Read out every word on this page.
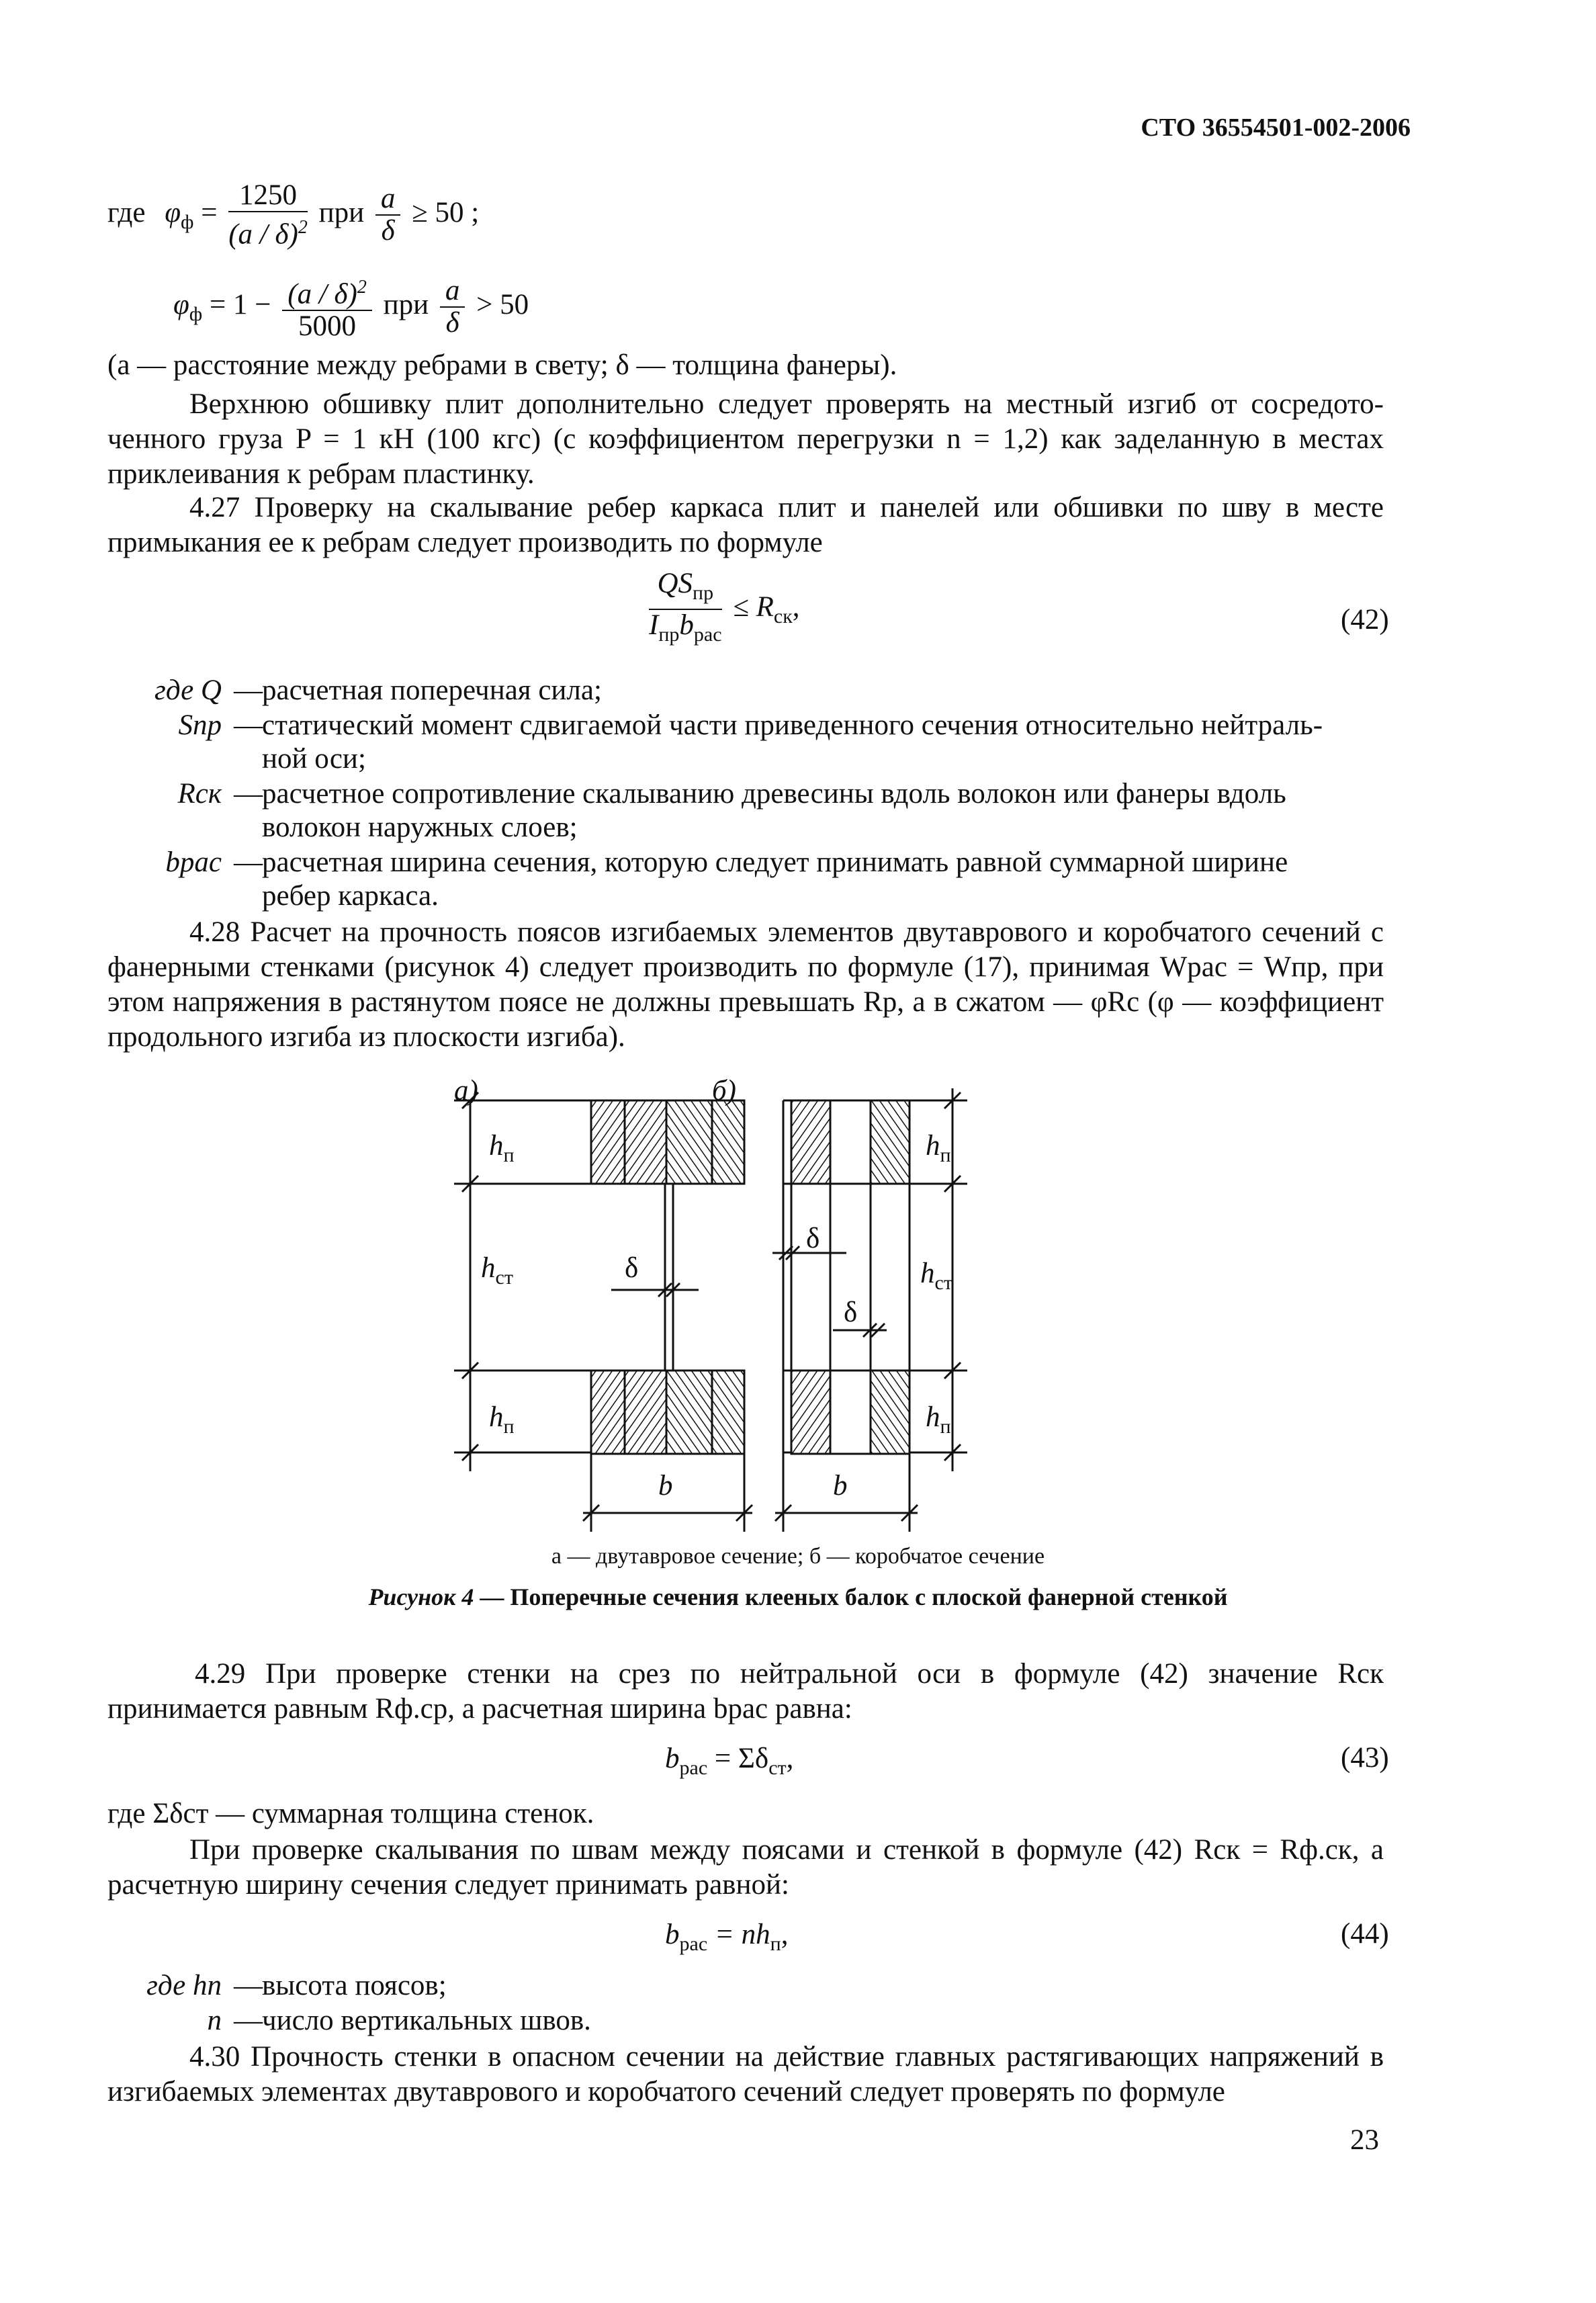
СТО 36554501-002-2006
где $\varphi_ф = \frac{1250}{(a / \delta)^2}$ при $\frac{a}{\delta} \ge 50$ ;
$\varphi_ф = 1 - \frac{(a / \delta)^2}{5000}$ при $\frac{a}{\delta} > 50$
(a — расстояние между ребрами в свету; δ — толщина фанеры).
Верхнюю обшивку плит дополнительно следует проверять на местный изгиб от сосредоточенного груза P = 1 кН (100 кгс) (с коэффициентом перегрузки n = 1,2) как заделанную в местах приклеивания к ребрам пластинку.
4.27 Проверку на скалывание ребер каркаса плит и панелей или обшивки по шву в месте примыкания ее к ребрам следует производить по формуле
$\frac{QS_{пр}}{I_{пр}b_{рас}} \le R_{ск}$,	(42)
где Q — расчетная поперечная сила;
Sпр — статический момент сдвигаемой части приведенного сечения относительно нейтраль-
ной оси;
Rск — расчетное сопротивление скалыванию древесины вдоль волокон или фанеры вдоль
волокон наружных слоев;
bрас — расчетная ширина сечения, которую следует принимать равной суммарной ширине
ребер каркаса.
4.28 Расчет на прочность поясов изгибаемых элементов двутаврового и коробчатого сечений с фанерными стенками (рисунок 4) следует производить по формуле (17), принимая Wрас = Wпр, при этом напряжения в растянутом поясе не должны превышать Rр, а в сжатом — φRс (φ — коэффициент продольного изгиба из плоскости изгиба).
а)	б)
$h_п$
$h_{ст}$
$h_п$
δ
b
$h_п$
$h_{ст}$
$h_п$
δ
δ
b
а — двутавровое сечение; б — коробчатое сечение
Рисунок 4 — Поперечные сечения клееных балок с плоской фанерной стенкой
4.29 При проверке стенки на срез по нейтральной оси в формуле (42) значение Rск принимается равным Rф.ср, а расчетная ширина bрас равна:
$b_{рас} = \Sigma\delta_{ст}$,	(43)
где Σδст — суммарная толщина стенок.
При проверке скалывания по швам между поясами и стенкой в формуле (42) Rск = Rф.ск, а расчетную ширину сечения следует принимать равной:
$b_{рас} = nh_п$,	(44)
где hп — высота поясов;
n — число вертикальных швов.
4.30 Прочность стенки в опасном сечении на действие главных растягивающих напряжений в изгибаемых элементах двутаврового и коробчатого сечений следует проверять по формуле
23
